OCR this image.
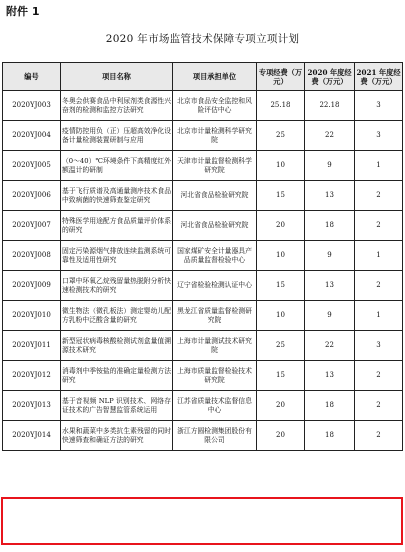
附件 1
2020 年市场监管技术保障专项立项计划
编号	项目名称	项目承担单位	专项经费（万元）	2020 年度经费（万元）	2021 年度经费（万元）
2020YJ003	冬奥会供赛食品中利尿剂类食源性兴奋剂的检测和监控方法研究	北京市食品安全监控和风险评估中心	25.18	22.18	3
2020YJ004	疫情防控用负（正）压超高效净化设备计量检测装置研制与应用	北京市计量检测科学研究院	25	22	3
2020YJ005	（0～40）℃环境条件下高精度红外额温计的研制	天津市计量监督检测科学研究院	10	9	1
2020YJ006	基于飞行质谱及高通量测序技术食品中致病菌的快速筛查鉴定研究	河北省食品检验研究院	15	13	2
2020YJ007	特殊医学用途配方食品质量评价体系的研究	河北省食品检验研究院	20	18	2
2020YJ008	固定污染源烟气排放连续监测系统可靠性及适用性研究	国家煤矿安全计量器具产品质量监督检验中心	10	9	1
2020YJ009	口罩中环氧乙烷残留量热脱附分析快速检测技术的研究	辽宁省检验检测认证中心	15	13	2
2020YJ010	微生物法（微孔板法）测定婴幼儿配方乳粉中泛酸含量的研究	黑龙江省质量监督检测研究院	10	9	1
2020YJ011	新型冠状病毒核酸检测试剂盒量值溯源技术研究	上海市计量测试技术研究院	25	22	3
2020YJ012	消毒剂中季铵盐的准确定量检测方法研究	上海市质量监督检验技术研究院	15	13	2
2020YJ013	基于音视频 NLP 识别技术、网络存证技术的广告智慧监管系统运用	江苏省质量技术监督信息中心	20	18	2
2020YJ014	水果和蔬菜中多类抗生素残留的同时快速筛查和确证方法的研究	浙江方圆检测集团股份有限公司	20	18	2
